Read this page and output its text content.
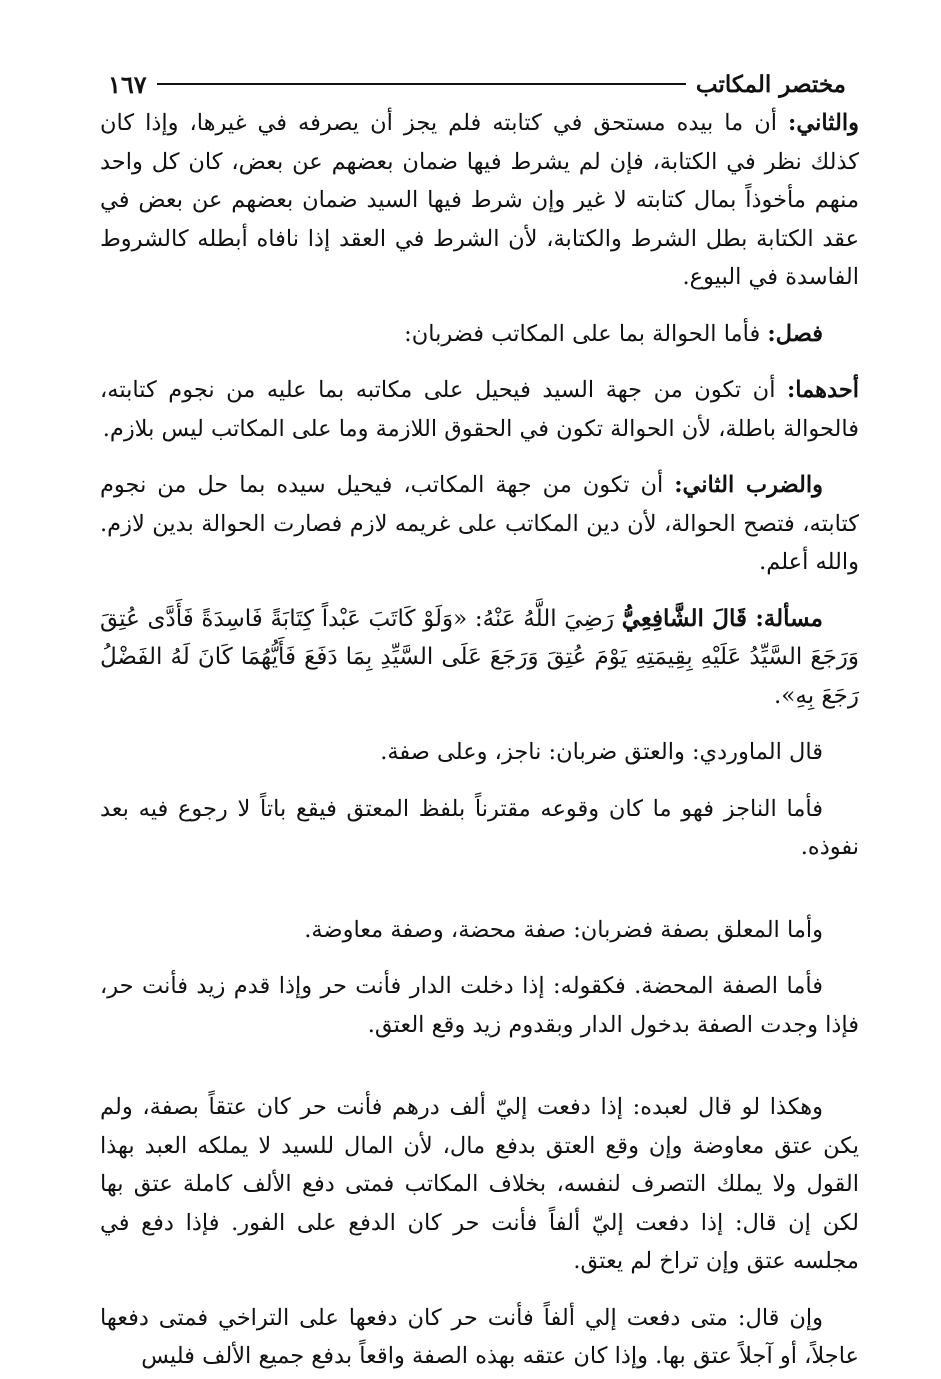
مختصر المكاتب
١٦٧

والثاني: أن ما بيده مستحق في كتابته فلم يجز أن يصرفه في غيرها، وإذا كان كذلك نظر في الكتابة، فإن لم يشرط فيها ضمان بعضهم عن بعض، كان كل واحد منهم مأخوذاً بمال كتابته لا غير وإن شرط فيها السيد ضمان بعضهم عن بعض في عقد الكتابة بطل الشرط والكتابة، لأن الشرط في العقد إذا نافاه أبطله كالشروط الفاسدة في البيوع.

فصل: فأما الحوالة بما على المكاتب فضربان:

أحدهما: أن تكون من جهة السيد فيحيل على مكاتبه بما عليه من نجوم كتابته، فالحوالة باطلة، لأن الحوالة تكون في الحقوق اللازمة وما على المكاتب ليس بلازم.

والضرب الثاني: أن تكون من جهة المكاتب، فيحيل سيده بما حل من نجوم كتابته، فتصح الحوالة، لأن دين المكاتب على غريمه لازم فصارت الحوالة بدين لازم. والله أعلم.

مسألة: قَالَ الشَّافِعِيُّ رَضِيَ اللَّهُ عَنْهُ: «وَلَوْ كَاتَبَ عَبْداً كِتَابَةً فَاسِدَةً فَأَدَّى عُتِقَ وَرَجَعَ السَّيِّدُ عَلَيْهِ بِقِيمَتِهِ يَوْمَ عُتِقَ وَرَجَعَ عَلَى السَّيِّدِ بِمَا دَفَعَ فَأَيُّهُمَا كَانَ لَهُ الفَضْلُ رَجَعَ بِهِ».

قال الماوردي: والعتق ضربان: ناجز، وعلى صفة.

فأما الناجز فهو ما كان وقوعه مقترناً بلفظ المعتق فيقع باتاً لا رجوع فيه بعد نفوذه.

وأما المعلق بصفة فضربان: صفة محضة، وصفة معاوضة.

فأما الصفة المحضة. فكقوله: إذا دخلت الدار فأنت حر وإذا قدم زيد فأنت حر، فإذا وجدت الصفة بدخول الدار وبقدوم زيد وقع العتق.

وهكذا لو قال لعبده: إذا دفعت إليّ ألف درهم فأنت حر كان عتقاً بصفة، ولم يكن عتق معاوضة وإن وقع العتق بدفع مال، لأن المال للسيد لا يملكه العبد بهذا القول ولا يملك التصرف لنفسه، بخلاف المكاتب فمتى دفع الألف كاملة عتق بها لكن إن قال: إذا دفعت إليّ ألفاً فأنت حر كان الدفع على الفور. فإذا دفع في مجلسه عتق وإن تراخ لم يعتق.

وإن قال: متى دفعت إلي ألفاً فأنت حر كان دفعها على التراخي فمتى دفعها عاجلاً، أو آجلاً عتق بها. وإذا كان عتقه بهذه الصفة واقعاً بدفع جميع الألف فليس
